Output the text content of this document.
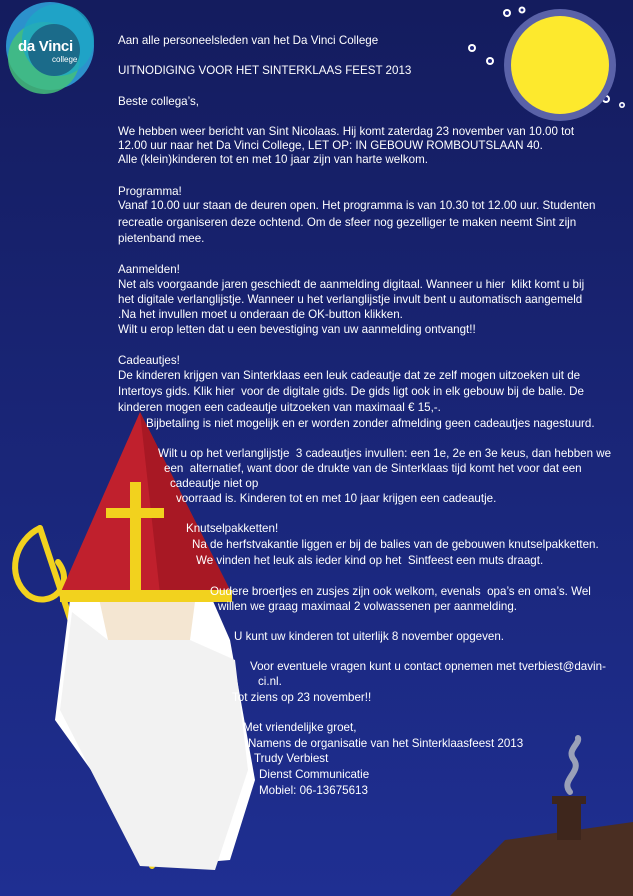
da Vinci
college
Aan alle personeelsleden van het Da Vinci College
UITNODIGING VOOR HET SINTERKLAAS FEEST 2013
Beste collega’s,
We hebben weer bericht van Sint Nicolaas. Hij komt zaterdag 23 november van 10.00 tot
12.00 uur naar het Da Vinci College, LET OP: IN GEBOUW ROMBOUTSLAAN 40.
Alle (klein)kinderen tot en met 10 jaar zijn van harte welkom.
Programma!
Vanaf 10.00 uur staan de deuren open. Het programma is van 10.30 tot 12.00 uur. Studenten
recreatie organiseren deze ochtend. Om de sfeer nog gezelliger te maken neemt Sint zijn
pietenband mee.
Aanmelden!
Net als voorgaande jaren geschiedt de aanmelding digitaal. Wanneer u hier  klikt komt u bij
het digitale verlanglijstje. Wanneer u het verlanglijstje invult bent u automatisch aangemeld
.Na het invullen moet u onderaan de OK-button klikken.
Wilt u erop letten dat u een bevestiging van uw aanmelding ontvangt!!
Cadeautjes!
De kinderen krijgen van Sinterklaas een leuk cadeautje dat ze zelf mogen uitzoeken uit de
Intertoys gids. Klik hier  voor de digitale gids. De gids ligt ook in elk gebouw bij de balie. De
kinderen mogen een cadeautje uitzoeken van maximaal € 15,-.
Bijbetaling is niet mogelijk en er worden zonder afmelding geen cadeautjes nagestuurd.
Wilt u op het verlanglijstje  3 cadeautjes invullen: een 1e, 2e en 3e keus, dan hebben we
een  alternatief, want door de drukte van de Sinterklaas tijd komt het voor dat een
cadeautje niet op
voorraad is. Kinderen tot en met 10 jaar krijgen een cadeautje.
Knutselpakketten!
Na de herfstvakantie liggen er bij de balies van de gebouwen knutselpakketten.
We vinden het leuk als ieder kind op het  Sintfeest een muts draagt.
Oudere broertjes en zusjes zijn ook welkom, evenals  opa’s en oma’s. Wel
willen we graag maximaal 2 volwassenen per aanmelding.
U kunt uw kinderen tot uiterlijk 8 november opgeven.
Voor eventuele vragen kunt u contact opnemen met tverbiest@davin-
ci.nl.
Tot ziens op 23 november!!
Met vriendelijke groet,
Namens de organisatie van het Sinterklaasfeest 2013
Trudy Verbiest
Dienst Communicatie
Mobiel: 06-13675613
